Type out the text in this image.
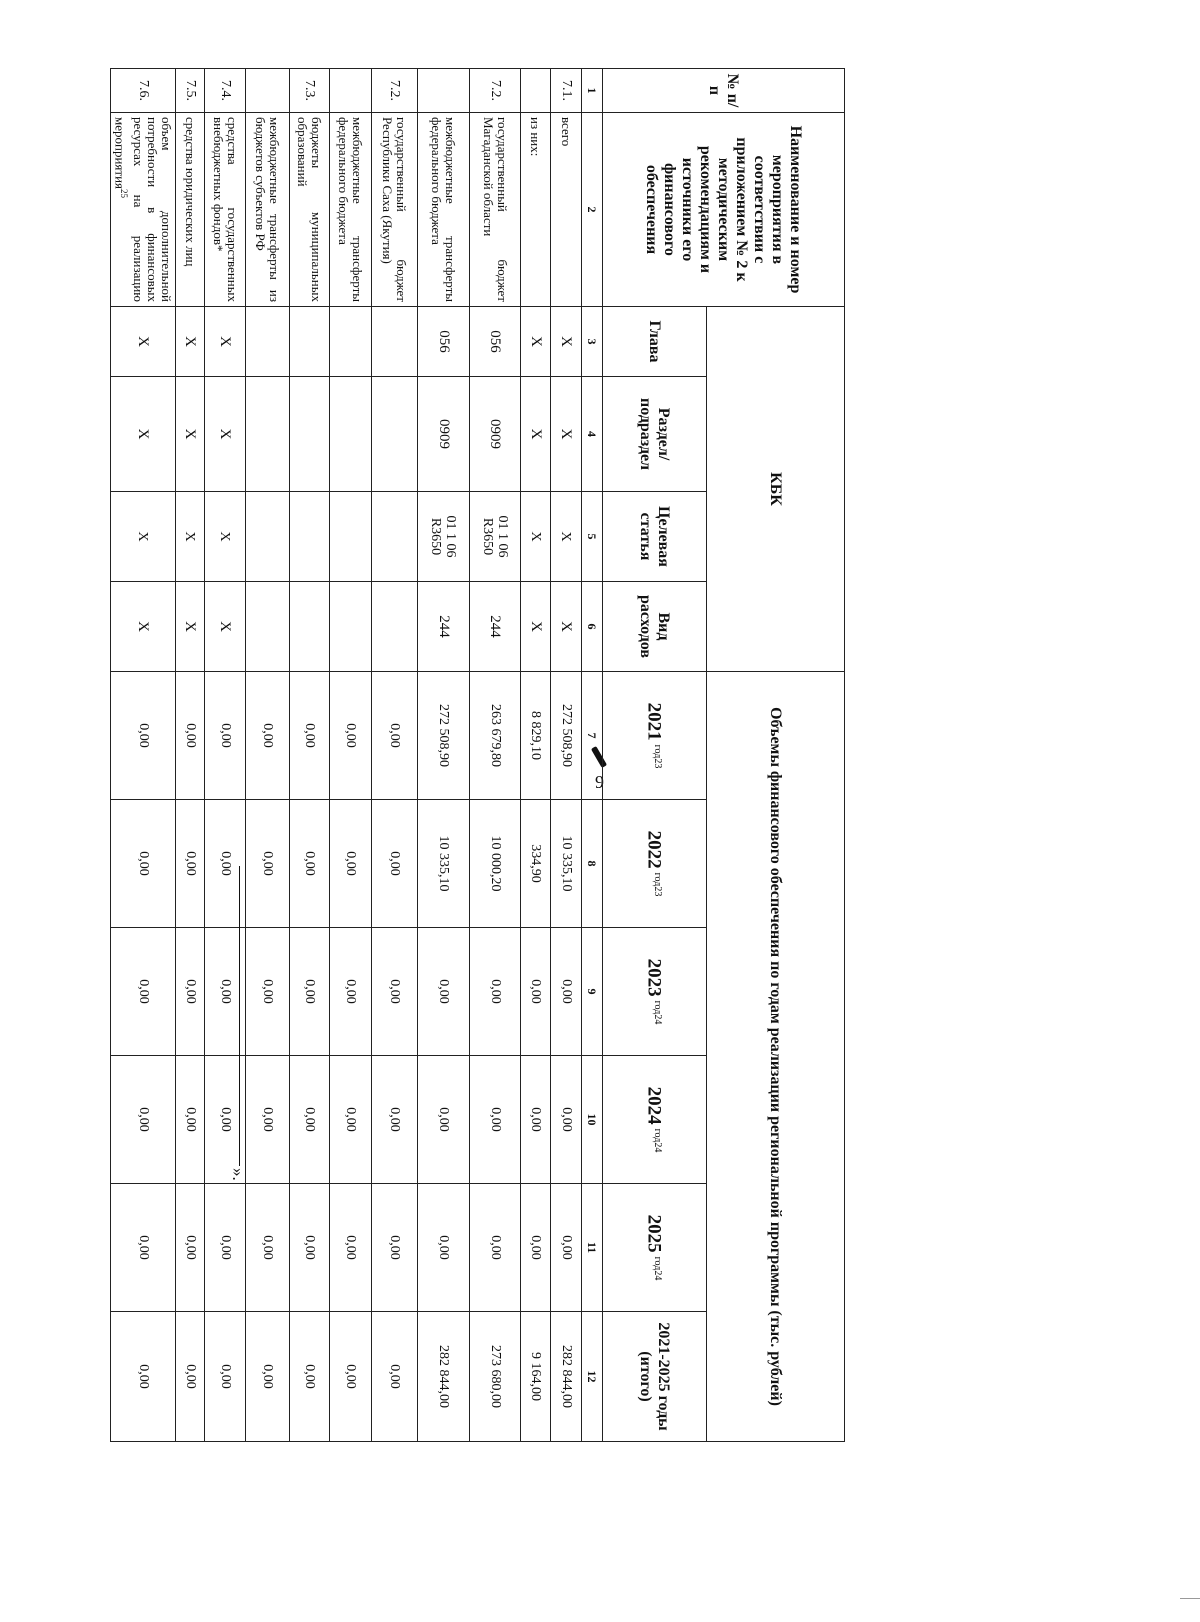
9
№ п/п	Наименование и номер мероприятия в соответствии с приложением № 2 к методическим рекомендациям и источники его финансового обеспечения	КБК				Объемы финансового обеспечения по годам реализации региональной программы (тыс. рублей)					
		Глава	Раздел/ подраздел	Целевая статья	Вид расходов	2021 $^{год23}$	2022 $^{год23}$	2023 $^{год24}$	2024 $^{год24}$	2025 $^{год24}$	2021-2025 годы (итого)
1	2	3	4	5	6	7	8	9	10	11	12
7.1.	всего	X	X	X	X	272 508,90	10 335,10	0,00	0,00	0,00	282 844,00
	из них:	X	X	X	X	8 829,10	334,90	0,00	0,00	0,00	9 164,00
7.2.	государственный бюджет Магаданской области	056	0909	01 1 06 R3650	244	263 679,80	10 000,20	0,00	0,00	0,00	273 680,00
	межбюджетные трансферты федерального бюджета	056	0909	01 1 06 R3650	244	272 508,90	10 335,10	0,00	0,00	0,00	282 844,00
7.2.	государственный бюджет Республики Саха (Якутия)					0,00	0,00	0,00	0,00	0,00	0,00
	межбюджетные трансферты федерального бюджета					0,00	0,00	0,00	0,00	0,00	0,00
7.3.	бюджеты муниципальных образований					0,00	0,00	0,00	0,00	0,00	0,00
	межбюджетные трансферты из бюджетов субъектов РФ					0,00	0,00	0,00	0,00	0,00	0,00
7.4.	средства государственных внебюджетных фондов*	X	X	X	X	0,00	0,00	0,00	0,00	0,00	0,00
7.5.	средства юридических лиц	X	X	X	X	0,00	0,00	0,00	0,00	0,00	0,00
7.6.	объем дополнительной потребности в финансовых ресурсах на реализацию мероприятия$^{25}$	X	X	X	X	0,00	0,00	0,00	0,00	0,00	0,00
».
